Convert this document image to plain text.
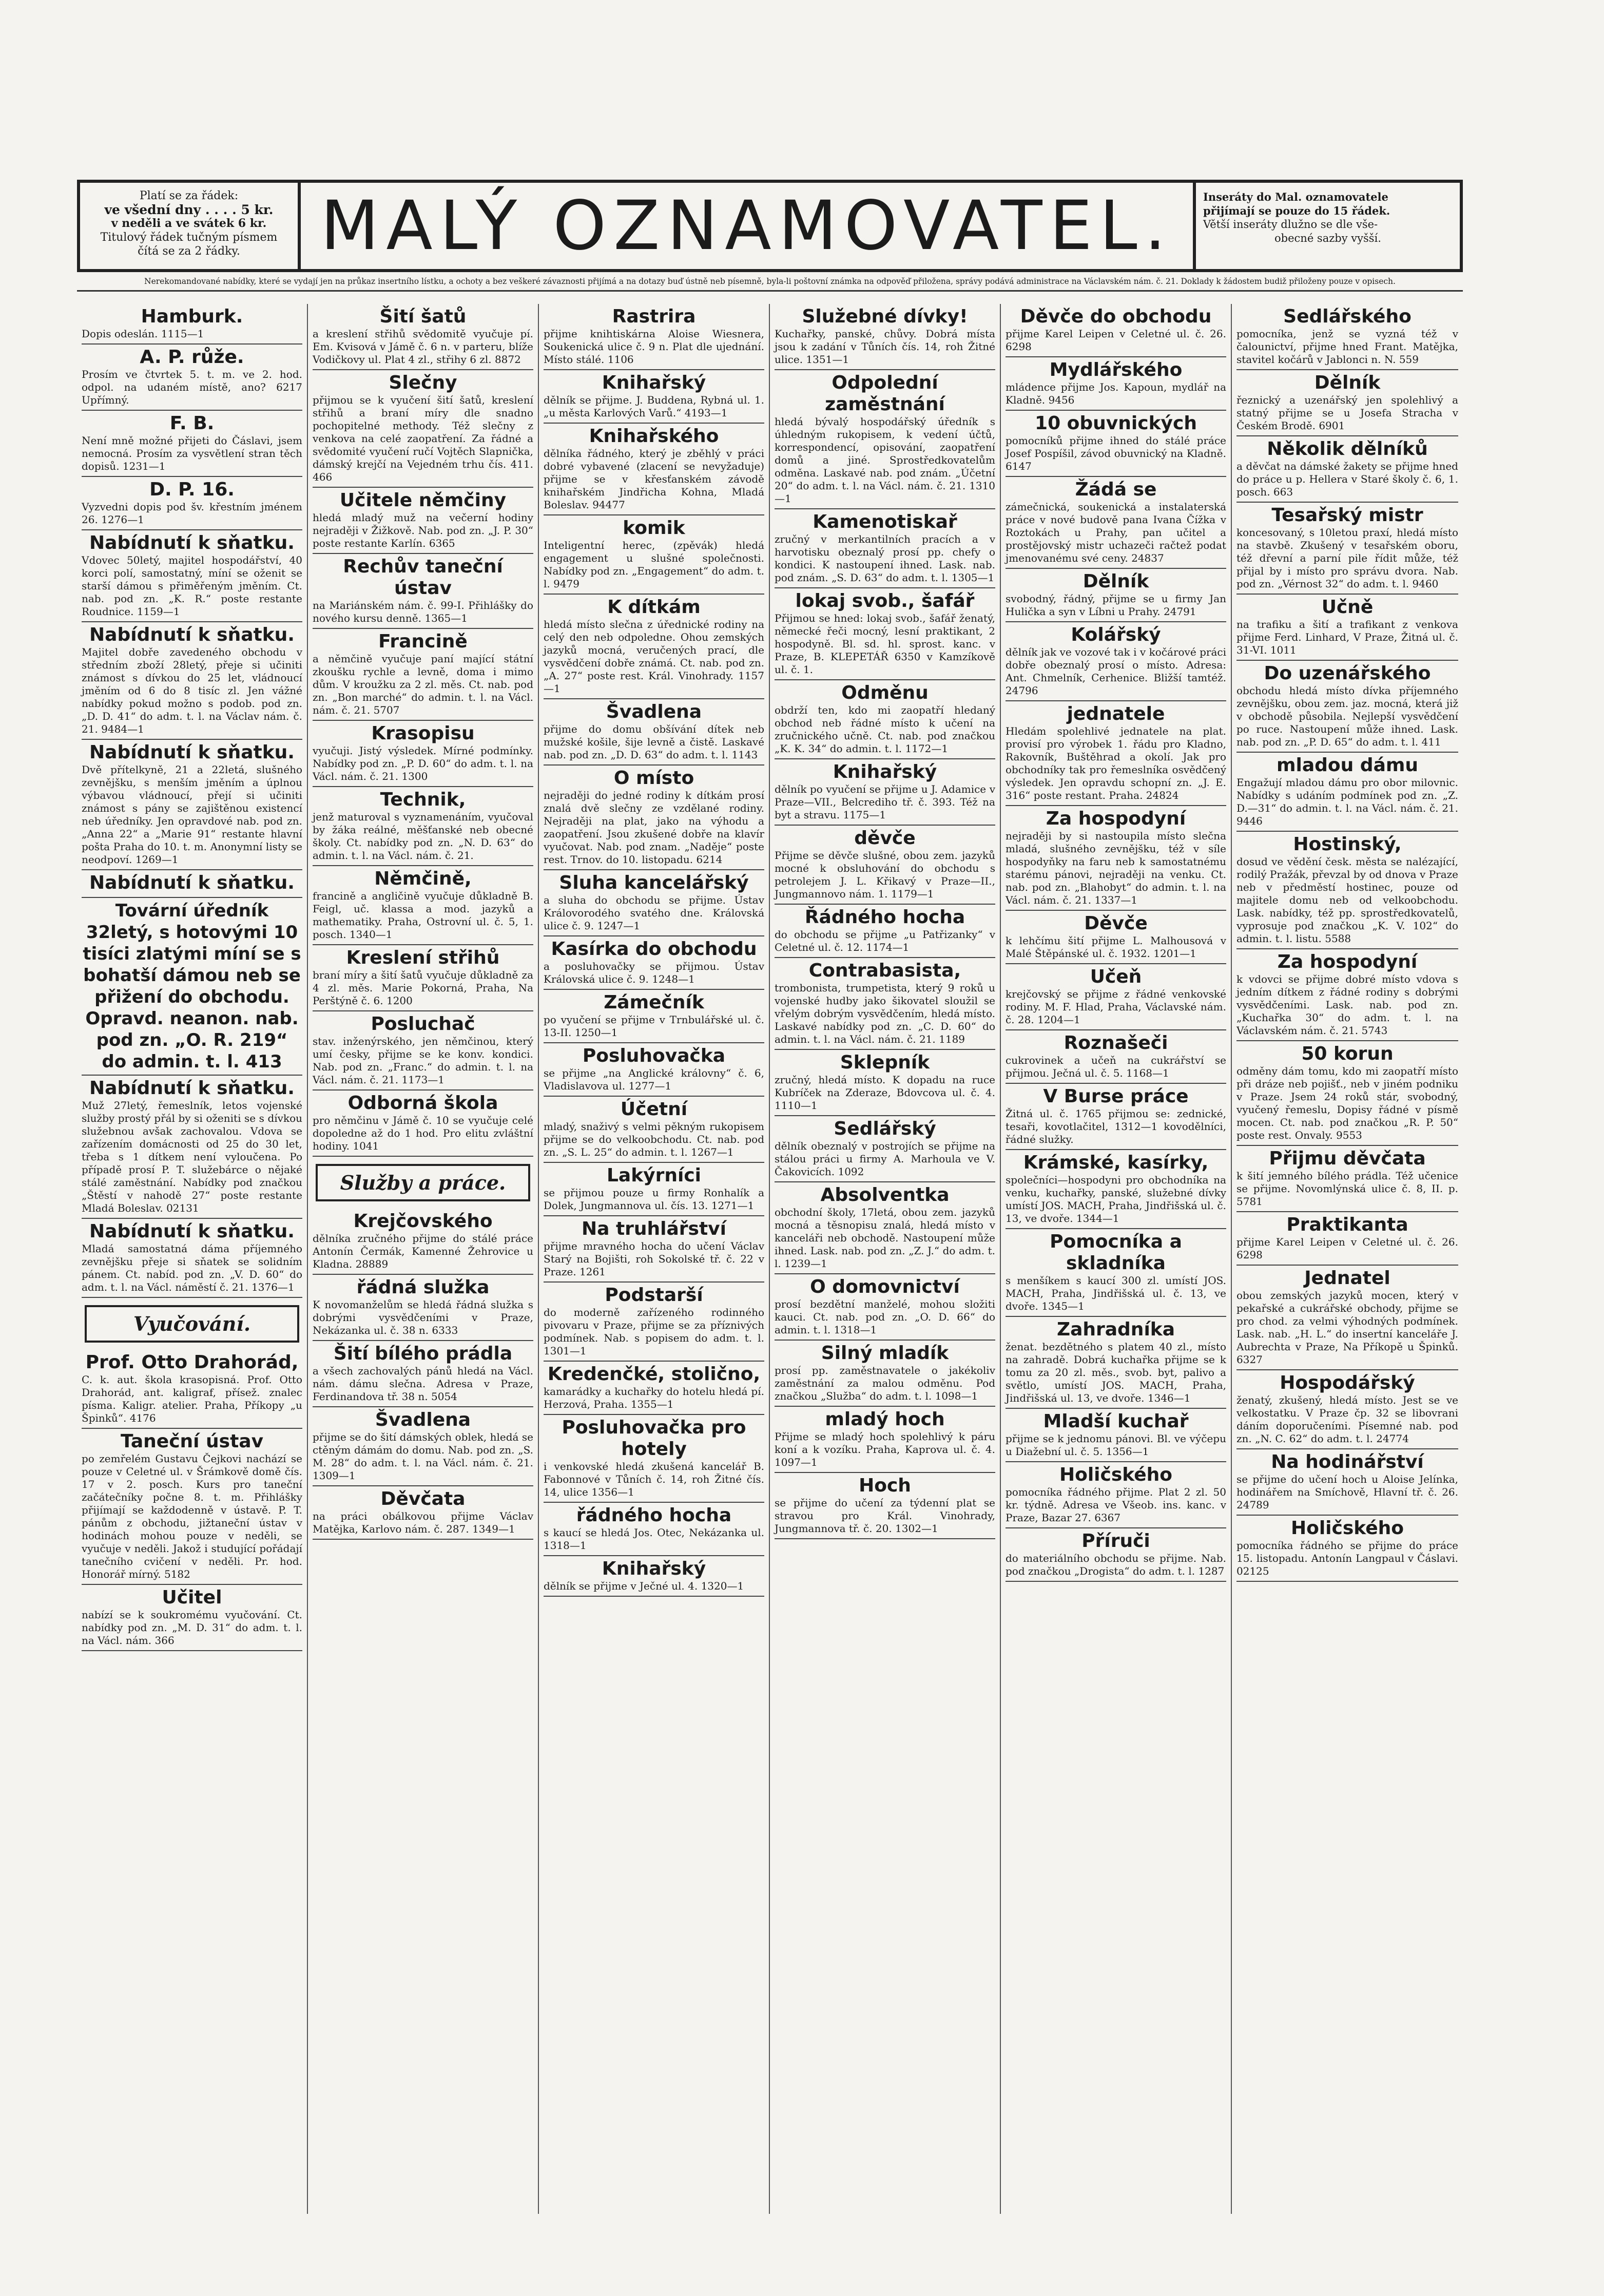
Platí se za řádek:
ve všední dny . . . . 5 kr.
v neděli a ve svátek 6 kr.
Titulový řádek tučným písmem
čítá se za 2 řádky.	MALÝ OZNAMOVATEL.	Inseráty do Mal. oznamovatele
přijímají se pouze do 15 řádek.
Větší inseráty dlužno se dle vše-
obecné sazby vyšší.
Nerekomandované nabídky, které se vydají jen na průkaz insertního lístku, a ochoty a bez veškeré závaznosti přijímá a na dotazy buď ústně neb písemně, byla-li poštovní známka na odpověď přiložena, správy podává administrace na Václavském nám. č. 21. Doklady k žádostem budiž přiloženy pouze v opisech.
Hamburk.
Dopis odeslán. 1115—1
A. P. růže.
Prosím ve čtvrtek 5. t. m. ve 2. hod. odpol. na udaném místě, ano? 6217 Upřímný.
F. B.
Není mně možné přijeti do Čáslavi, jsem nemocná. Prosím za vysvětlení stran těch dopisů. 1231—1
D. P. 16.
Vyzvedni dopis pod šv. křestním jménem 26. 1276—1
Nabídnutí k sňatku.
Vdovec 50letý, majitel hospodářství, 40 korci polí, samostatný, míní se oženit se starší dámou s přiměřeným jměním. Ct. nab. pod zn. „K. R.“ poste restante Roudnice. 1159—1
Nabídnutí k sňatku.
Majitel dobře zavedeného obchodu v středním zboží 28letý, přeje si učiniti známost s dívkou do 25 let, vládnoucí jměním od 6 do 8 tisíc zl. Jen vážné nabídky pokud možno s podob. pod zn. „D. D. 41“ do adm. t. l. na Václav nám. č. 21. 9484—1
Nabídnutí k sňatku.
Dvě přítelkyně, 21 a 22letá, slušného zevnějšku, s menším jměním a úplnou výbavou vládnoucí, přejí si učiniti známost s pány se zajištěnou existencí neb úředníky. Jen opravdové nab. pod zn. „Anna 22“ a „Marie 91“ restante hlavní pošta Praha do 10. t. m. Anonymní listy se neodpoví. 1269—1
Nabídnutí k sňatku.
Tovární úředník 32letý, s hotovými 10 tisíci zlatými míní se s bohatší dámou neb se přižení do obchodu. Opravd. neanon. nab. pod zn. „O. R. 219“ do admin. t. l. 413
Nabídnutí k sňatku.
Muž 27letý, řemeslník, letos vojenské služby prostý přál by si oženiti se s dívkou služebnou avšak zachovalou. Vdova se zařízením domácnosti od 25 do 30 let, třeba s 1 dítkem není vyloučena. Po případě prosí P. T. služebárce o nějaké stálé zaměstnání. Nabídky pod značkou „Štěstí v nahodě 27“ poste restante Mladá Boleslav. 02131
Nabídnutí k sňatku.
Mladá samostatná dáma příjemného zevnějšku přeje si sňatek se solidním pánem. Ct. nabíd. pod zn. „V. D. 60“ do adm. t. l. na Václ. náměstí č. 21. 1376—1
Vyučování.
Prof. Otto Drahorád,
C. k. aut. škola krasopisná. Prof. Otto Drahorád, ant. kaligraf, přísež. znalec písma. Kaligr. atelier. Praha, Příkopy „u Špinků“. 4176
Taneční ústav
po zemřelém Gustavu Čejkovi nachází se pouze v Celetné ul. v Šrámkově domě čís. 17 v 2. posch. Kurs pro taneční začátečníky počne 8. t. m. Přihlášky přijímají se každodenně v ústavě. P. T. pánům z obchodu, jižtaneční ústav v hodinách mohou pouze v neděli, se vyučuje v neděli. Jakož i studující pořádají tanečního cvičení v neděli. Pr. hod. Honorář mírný. 5182
Učitel
nabízí se k soukromému vyučování. Ct. nabídky pod zn. „M. D. 31“ do adm. t. l. na Václ. nám. 366
Šití šatů
a kreslení střihů svědomitě vyučuje pí. Em. Kvisová v Jámě č. 6 n. v parteru, blíže Vodičkovy ul. Plat 4 zl., střihy 6 zl. 8872
Slečny
přijmou se k vyučení šití šatů, kreslení střihů a braní míry dle snadno pochopitelné methody. Též slečny z venkova na celé zaopatření. Za řádné a svědomité vyučení ručí Vojtěch Slapnička, dámský krejčí na Vejedném trhu čís. 411. 466
Učitele němčiny
hledá mladý muž na večerní hodiny nejraději v Žižkově. Nab. pod zn. „J. P. 30“ poste restante Karlín. 6365
Rechův taneční ústav
na Mariánském nám. č. 99-I. Přihlášky do nového kursu denně. 1365—1
Francině
a němčině vyučuje paní mající státní zkoušku rychle a levně, doma i mimo dům. V kroužku za 2 zl. měs. Ct. nab. pod zn. „Bon marché“ do admin. t. l. na Václ. nám. č. 21. 5707
Krasopisu
vyučuji. Jistý výsledek. Mírné podmínky. Nabídky pod zn. „P. D. 60“ do adm. t. l. na Václ. nám. č. 21. 1300
Technik,
jenž maturoval s vyznamenáním, vyučoval by žáka reálné, měšťanské neb obecné školy. Ct. nabídky pod zn. „N. D. 63“ do admin. t. l. na Václ. nám. č. 21.
Němčině,
francině a angličině vyučuje důkladně B. Feigl, uč. klassa a mod. jazyků a mathematiky. Praha, Ostrovní ul. č. 5, 1. posch. 1340—1
Kreslení střihů
braní míry a šití šatů vyučuje důkladně za 4 zl. měs. Marie Pokorná, Praha, Na Perštýně č. 6. 1200
Posluchač
stav. inženýrského, jen němčinou, který umí česky, přijme se ke konv. kondici. Nab. pod zn. „Franc.“ do admin. t. l. na Václ. nám. č. 21. 1173—1
Odborná škola
pro němčinu v Jámě č. 10 se vyučuje celé dopoledne až do 1 hod. Pro elitu zvláštní hodiny. 1041
Služby a práce.
Krejčovského
dělníka zručného přijme do stálé práce Antonín Čermák, Kamenné Žehrovice u Kladna. 28889
řádná služka
K novomanželům se hledá řádná služka s dobrými vysvědčeními v Praze, Nekázanka ul. č. 38 n. 6333
Šití bílého prádla
a všech zachovalých pánů hledá na Václ. nám. dámu slečna. Adresa v Praze, Ferdinandova tř. 38 n. 5054
Švadlena
přijme se do šití dámských oblek, hledá se ctěným dámám do domu. Nab. pod zn. „S. M. 28“ do adm. t. l. na Václ. nám. č. 21. 1309—1
Děvčata
na práci obálkovou přijme Václav Matějka, Karlovo nám. č. 287. 1349—1
Rastrira
přijme knihtiskárna Aloise Wiesnera, Soukenická ulice č. 9 n. Plat dle ujednání. Místo stálé. 1106
Knihařský
dělník se přijme. J. Buddena, Rybná ul. 1. „u města Karlových Varů.“ 4193—1
Knihařského
dělníka řádného, který je zběhlý v práci dobré vybavené (zlacení se nevyžaduje) přijme se v křesťanském závodě knihařském Jindřicha Kohna, Mladá Boleslav. 94477
komik
Inteligentní herec, (zpěvák) hledá engagement u slušné společnosti. Nabídky pod zn. „Engagement“ do adm. t. l. 9479
K dítkám
hledá místo slečna z úřednické rodiny na celý den neb odpoledne. Ohou zemských jazyků mocná, veručených prací, dle vysvědčení dobře známá. Ct. nab. pod zn. „A. 27“ poste rest. Král. Vinohrady. 1157—1
Švadlena
přijme do domu obšívání dítek neb mužské košile, šije levně a čistě. Laskavé nab. pod zn. „D. D. 63“ do adm. t. l. 1143
O místo
nejraději do jedné rodiny k dítkám prosí znalá dvě slečny ze vzdělané rodiny. Nejraději na plat, jako na výhodu a zaopatření. Jsou zkušené dobře na klavír vyučovat. Nab. pod znam. „Naděje“ poste rest. Trnov. do 10. listopadu. 6214
Sluha kancelářský
a sluha do obchodu se přijme. Ústav Královorodého svatého dne. Královská ulice č. 9. 1247—1
Kasírka do obchodu
a posluhovačky se přijmou. Ústav Královská ulice č. 9. 1248—1
Zámečník
po vyučení se přijme v Trnbulářské ul. č. 13-II. 1250—1
Posluhovačka
se přijme „na Anglické královny“ č. 6, Vladislavova ul. 1277—1
Účetní
mladý, snaživý s velmi pěkným rukopisem přijme se do velkoobchodu. Ct. nab. pod zn. „S. L. 25“ do admin. t. l. 1267—1
Lakýrníci
se přijmou pouze u firmy Ronhalík a Dolek, Jungmannova ul. čís. 13. 1271—1
Na truhlářství
přijme mravného hocha do učení Václav Starý na Bojišti, roh Sokolské tř. č. 22 v Praze. 1261
Podstarší
do moderně zařízeného rodinného pivovaru v Praze, přijme se za příznivých podmínek. Nab. s popisem do adm. t. l. 1301—1
Kredenčké, stolično,
kamarádky a kuchařky do hotelu hledá pí. Herzová, Praha. 1355—1
Posluhovačka pro hotely
i venkovské hledá zkušená kancelář B. Fabonnové v Tůních č. 14, roh Žitné čís. 14, ulice 1356—1
řádného hocha
s kaucí se hledá Jos. Otec, Nekázanka ul. 1318—1
Knihařský
dělník se přijme v Ječné ul. 4. 1320—1
Služebné dívky!
Kuchařky, panské, chůvy. Dobrá místa jsou k zadání v Tůních čís. 14, roh Žitné ulice. 1351—1
Odpolední zaměstnání
hledá bývalý hospodářský úředník s úhledným rukopisem, k vedení účtů, korrespondencí, opisování, zaopatření domů a jiné. Sprostředkovatelům odměna. Laskavé nab. pod znám. „Účetní 20“ do adm. t. l. na Václ. nám. č. 21. 1310—1
Kamenotiskař
zručný v merkantilních pracích a v harvotisku obeznalý prosí pp. chefy o kondici. K nastoupení ihned. Lask. nab. pod znám. „S. D. 63“ do adm. t. l. 1305—1
lokaj svob., šafář
Přijmou se hned: lokaj svob., šafář ženatý, německé řeči mocný, lesní praktikant, 2 hospodyně. Bl. sd. hl. sprost. kanc. v Praze, B. KLEPETÁŘ 6350 v Kamzíkově ul. č. 1.
Odměnu
obdrží ten, kdo mi zaopatří hledaný obchod neb řádné místo k učení na zručnického učně. Ct. nab. pod značkou „K. K. 34“ do admin. t. l. 1172—1
Knihařský
dělník po vyučení se přijme u J. Adamice v Praze—VII., Belcrediho tř. č. 393. Též na byt a stravu. 1175—1
děvče
Přijme se děvče slušné, obou zem. jazyků mocné k obsluhování do obchodu s petrolejem J. L. Křikavý v Praze—II., Jungmannovo nám. 1. 1179—1
Řádného hocha
do obchodu se přijme „u Patřizanky“ v Celetné ul. č. 12. 1174—1
Contrabasista,
trombonista, trumpetista, který 9 roků u vojenské hudby jako šikovatel sloužil se vřelým dobrým vysvědčením, hledá místo. Laskavé nabídky pod zn. „C. D. 60“ do admin. t. l. na Václ. nám. č. 21. 1189
Sklepník
zručný, hledá místo. K dopadu na ruce Kubríček na Zderaze, Bdovcova ul. č. 4. 1110—1
Sedlářský
dělník obeznalý v postrojích se přijme na stálou práci u firmy A. Marhoula ve V. Čakovicích. 1092
Absolventka
obchodní školy, 17letá, obou zem. jazyků mocná a těsnopisu znalá, hledá místo v kanceláři neb obchodě. Nastoupení může ihned. Lask. nab. pod zn. „Z. J.“ do adm. t. l. 1239—1
O domovnictví
prosí bezdětní manželé, mohou složiti kauci. Ct. nab. pod zn. „O. D. 66“ do admin. t. l. 1318—1
Silný mladík
prosí pp. zaměstnavatele o jakékoliv zaměstnání za malou odměnu. Pod značkou „Služba“ do adm. t. l. 1098—1
mladý hoch
Přijme se mladý hoch spolehlivý k páru koní a k vozíku. Praha, Kaprova ul. č. 4. 1097—1
Hoch
se přijme do učení za týdenní plat se stravou pro Král. Vinohrady, Jungmannova tř. č. 20. 1302—1
Děvče do obchodu
přijme Karel Leipen v Celetné ul. č. 26. 6298
Mydlářského
mládence přijme Jos. Kapoun, mydlář na Kladně. 9456
10 obuvnických
pomocníků přijme ihned do stálé práce Josef Pospíšil, závod obuvnický na Kladně. 6147
Žádá se
zámečnická, soukenická a instalaterská práce v nové budově pana Ivana Čížka v Roztokách u Prahy, pan učitel a prostějovský mistr uchazeči račtež podat jmenovanému své ceny. 24837
Dělník
svobodný, řádný, přijme se u firmy Jan Hulička a syn v Líbni u Prahy. 24791
Kolářský
dělník jak ve vozové tak i v kočárové práci dobře obeznalý prosí o místo. Adresa: Ant. Chmelník, Cerhenice. Bližší tamtéž. 24796
jednatele
Hledám spolehlivé jednatele na plat. provisí pro výrobek 1. řádu pro Kladno, Rakovník, Buštěhrad a okolí. Jak pro obchodníky tak pro řemeslníka osvědčený výsledek. Jen opravdu schopní zn. „J. E. 316“ poste restant. Praha. 24824
Za hospodyní
nejraději by si nastoupila místo slečna mladá, slušného zevnějšku, též v síle hospodyňky na faru neb k samostatnému starému pánovi, nejraději na venku. Ct. nab. pod zn. „Blahobyt“ do admin. t. l. na Václ. nám. č. 21. 1337—1
Děvče
k lehčímu šití přijme L. Malhousová v Malé Štěpánské ul. č. 1932. 1201—1
Učeň
krejčovský se přijme z řádné venkovské rodiny. M. F. Hlad, Praha, Václavské nám. č. 28. 1204—1
Roznašeči
cukrovinek a učeň na cukrářství se přijmou. Ječná ul. č. 5. 1168—1
V Burse práce
Žitná ul. č. 1765 přijmou se: zednické, tesaři, kovotlačitel, 1312—1 kovodělníci, řádné služky.
Krámské, kasírky,
společníci—hospodyni pro obchodníka na venku, kuchařky, panské, služebné dívky umístí JOS. MACH, Praha, Jindřišská ul. č. 13, ve dvoře. 1344—1
Pomocníka a skladníka
s menšíkem s kaucí 300 zl. umístí JOS. MACH, Praha, Jindřišská ul. č. 13, ve dvoře. 1345—1
Zahradníka
ženat. bezdětného s platem 40 zl., místo na zahradě. Dobrá kuchařka přijme se k tomu za 20 zl. měs., svob. byt, palivo a světlo, umístí JOS. MACH, Praha, Jindřišská ul. 13, ve dvoře. 1346—1
Mladší kuchař
přijme se k jednomu pánovi. Bl. ve výčepu u Diažební ul. č. 5. 1356—1
Holičského
pomocníka řádného přijme. Plat 2 zl. 50 kr. týdně. Adresa ve Všeob. ins. kanc. v Praze, Bazar 27. 6367
Příruči
do materiálního obchodu se přijme. Nab. pod značkou „Drogista“ do adm. t. l. 1287
Sedlářského
pomocníka, jenž se vyzná též v čalounictví, přijme hned Frant. Matějka, stavitel kočárů v Jablonci n. N. 559
Dělník
řeznický a uzenářský jen spolehlivý a statný přijme se u Josefa Stracha v Českém Brodě. 6901
Několik dělníků
a děvčat na dámské žakety se přijme hned do práce u p. Hellera v Staré školy č. 6, 1. posch. 663
Tesařský mistr
koncesovaný, s 10letou praxí, hledá místo na stavbě. Zkušený v tesařském oboru, též dřevní a parní pile řídit může, též přijal by i místo pro správu dvora. Nab. pod zn. „Vérnost 32“ do adm. t. l. 9460
Učně
na trafiku a šití a trafikant z venkova přijme Ferd. Linhard, V Praze, Žitná ul. č. 31-VI. 1011
Do uzenářského
obchodu hledá místo dívka příjemného zevnějšku, obou zem. jaz. mocná, která již v obchodě působila. Nejlepší vysvědčení po ruce. Nastoupení může ihned. Lask. nab. pod zn. „P. D. 65“ do adm. t. l. 411
mladou dámu
Engažují mladou dámu pro obor milovnic. Nabídky s udáním podmínek pod zn. „Z. D.—31“ do admin. t. l. na Václ. nám. č. 21. 9446
Hostinský,
dosud ve vědění česk. města se nalézající, rodilý Pražák, převzal by od dnova v Praze neb v předměstí hostinec, pouze od majitele domu neb od velkoobchodu. Lask. nabídky, též pp. sprostředkovatelů, vyprosuje pod značkou „K. V. 102“ do admin. t. l. listu. 5588
Za hospodyní
k vdovci se přijme dobré místo vdova s jedním dítkem z řádné rodiny s dobrými vysvědčeními. Lask. nab. pod zn. „Kuchařka 30“ do adm. t. l. na Václavském nám. č. 21. 5743
50 korun
odměny dám tomu, kdo mi zaopatří místo při dráze neb pojišť., neb v jiném podniku v Praze. Jsem 24 roků stár, svobodný, vyučený řemeslu, Dopisy řádné v písmě mocen. Ct. nab. pod značkou „R. P. 50“ poste rest. Onvaly. 9553
Přijmu děvčata
k šití jemného bílého prádla. Též učenice se přijme. Novomlýnská ulice č. 8, II. p. 5781
Praktikanta
přijme Karel Leipen v Celetné ul. č. 26. 6298
Jednatel
obou zemských jazyků mocen, který v pekařské a cukrářské obchody, přijme se pro chod. za velmi výhodných podmínek. Lask. nab. „H. L.“ do insertní kanceláře J. Aubrechta v Praze, Na Příkopě u Špinků. 6327
Hospodářský
ženatý, zkušený, hledá místo. Jest se ve velkostatku. V Praze čp. 32 se libovrani dáním doporučeními. Písemné nab. pod zn. „N. C. 62“ do adm. t. l. 24774
Na hodinářství
se přijme do učení hoch u Aloise Jelínka, hodinářem na Smíchově, Hlavní tř. č. 26. 24789
Holičského
pomocníka řádného se přijme do práce 15. listopadu. Antonín Langpaul v Čáslavi. 02125
